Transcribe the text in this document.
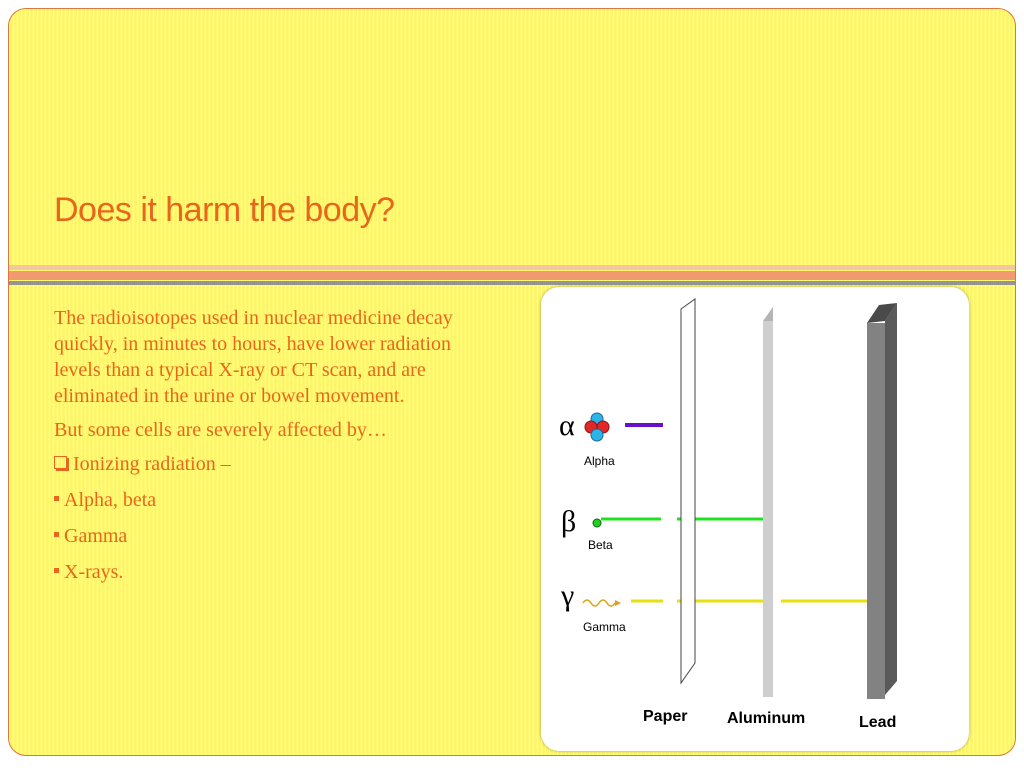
Does it harm the body?

The radioisotopes used in nuclear medicine decay quickly, in minutes to hours, have lower radiation levels than a typical X-ray or CT scan, and are eliminated in the urine or bowel movement.

But some cells are severely affected by…

Ionizing radiation –
Alpha, beta
Gamma
X-rays.
α
Alpha
β
Beta
γ
Gamma
Paper Aluminum	Lead
